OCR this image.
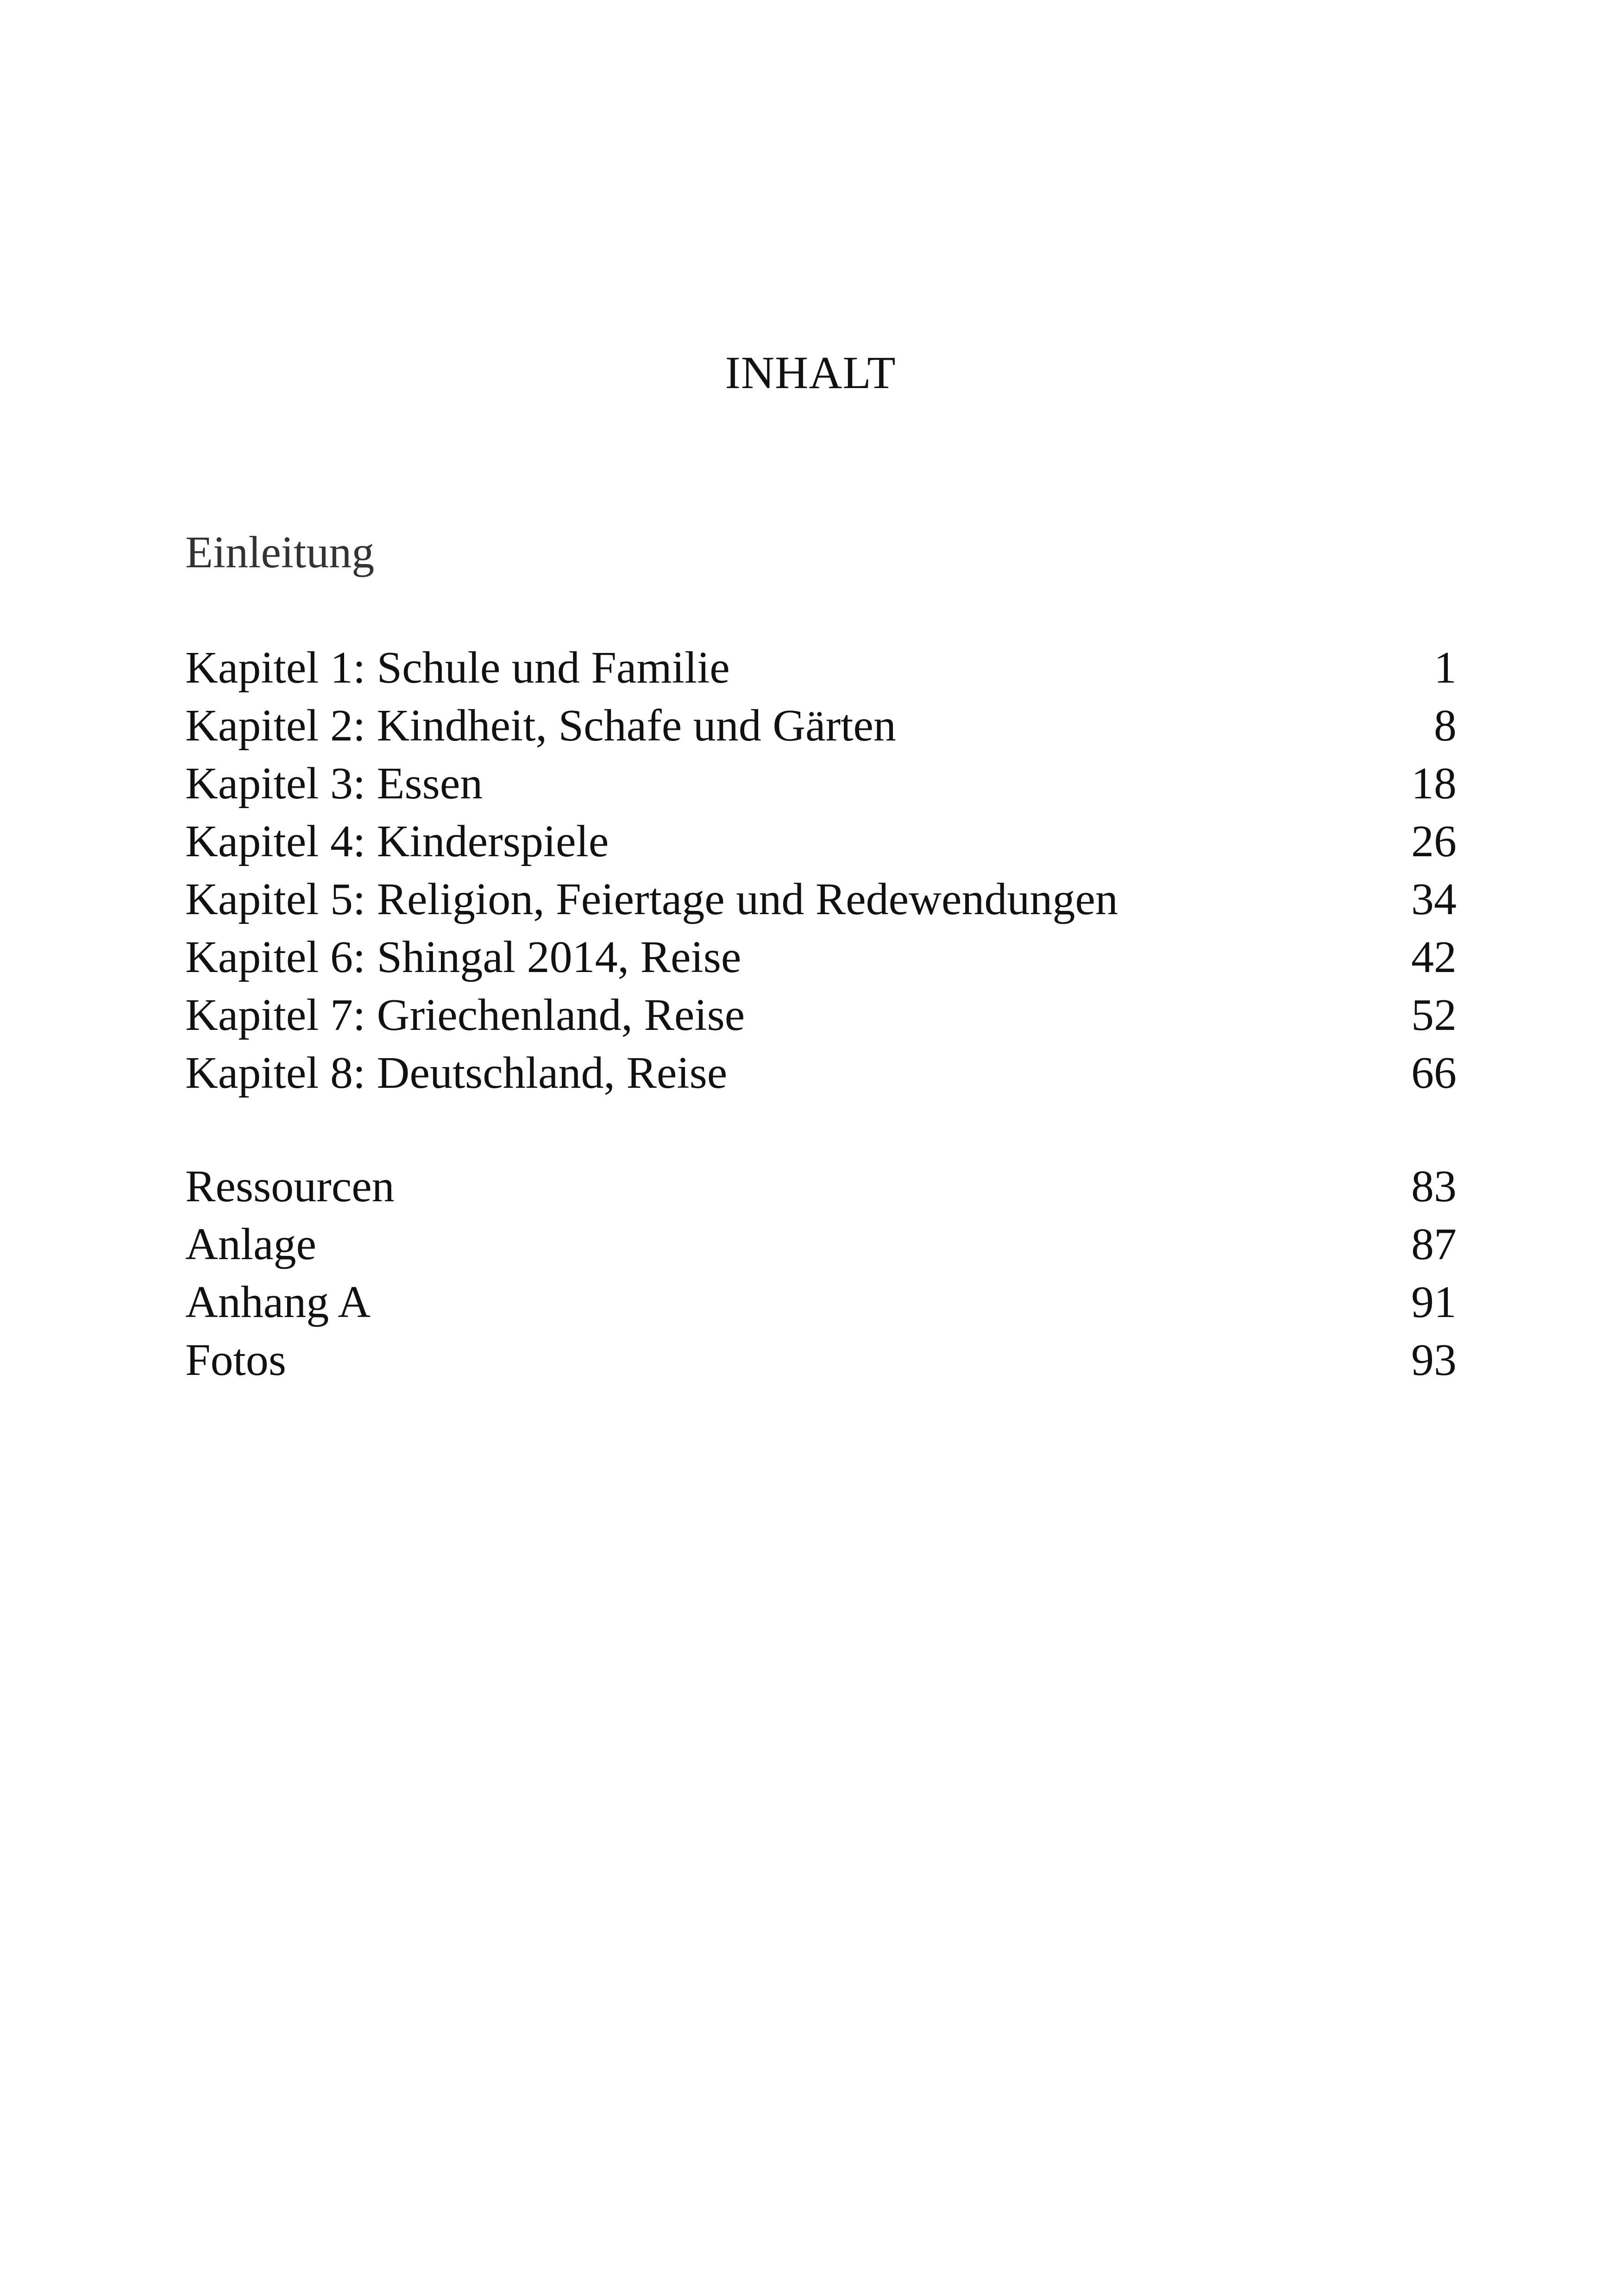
INHALT
Einleitung
Kapitel 1: Schule und Familie	1
Kapitel 2: Kindheit, Schafe und Gärten	8
Kapitel 3: Essen	18
Kapitel 4: Kinderspiele	26
Kapitel 5: Religion, Feiertage und Redewendungen	34
Kapitel 6: Shingal 2014, Reise	42
Kapitel 7: Griechenland, Reise	52
Kapitel 8: Deutschland, Reise	66
Ressourcen	83
Anlage	87
Anhang A	91
Fotos	93
